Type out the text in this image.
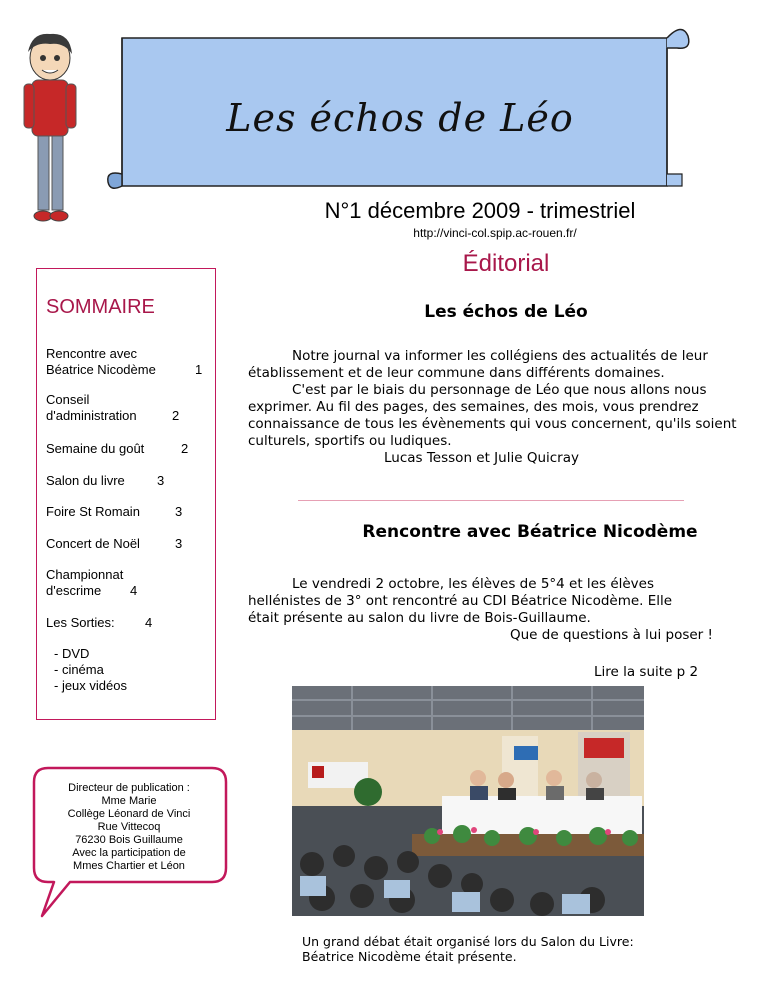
Les échos de Léo
N°1 décembre 2009 - trimestriel
http://vinci-col.spip.ac-rouen.fr/
Éditorial
SOMMAIRE
Rencontre avec
Béatrice Nicodème	1
Conseil
d'administration	2
Semaine du goût	2
Salon du livre 3
Foire St Romain	3
Concert de Noël	3
Championnat
d'escrime	4
Les Sorties: 4
- DVD
- cinéma
- jeux vidéos
Directeur de publication :
Mme Marie
Collège Léonard de Vinci
Rue Vittecoq
76230 Bois Guillaume
Avec la participation de
Mmes Chartier et Léon
Les échos de Léo
Notre journal va informer les collégiens des actualités de leur
établissement et de leur commune dans différents domaines.
C'est par le biais du personnage de Léo que nous allons nous
exprimer. Au fil des pages, des semaines, des mois, vous prendrez
connaissance de tous les évènements qui vous concernent, qu'ils soient
culturels, sportifs ou ludiques.
Lucas Tesson et Julie Quicray
Rencontre avec Béatrice Nicodème
Le vendredi 2 octobre, les élèves de 5°4 et les élèves
hellénistes de 3° ont rencontré au CDI Béatrice Nicodème. Elle
était présente au salon du livre de Bois-Guillaume.
Que de questions à lui poser !
Lire la suite p 2
Un grand débat était organisé lors du Salon du Livre:
Béatrice Nicodème était présente.
